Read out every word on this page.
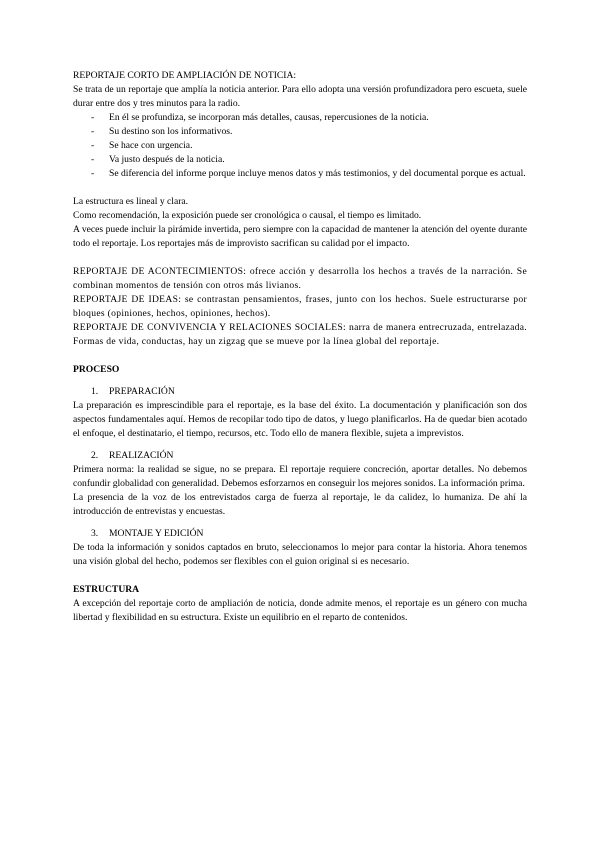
REPORTAJE CORTO DE AMPLIACIÓN DE NOTICIA:

Se trata de un reportaje que amplía la noticia anterior. Para ello adopta una versión profundizadora pero escueta, suele durar entre dos y tres minutos para la radio.

- En él se profundiza, se incorporan más detalles, causas, repercusiones de la noticia.
- Su destino son los informativos.
- Se hace con urgencia.
- Va justo después de la noticia.
- Se diferencia del informe porque incluye menos datos y más testimonios, y del documental porque es actual.

La estructura es lineal y clara.

Como recomendación, la exposición puede ser cronológica o causal, el tiempo es limitado.

A veces puede incluir la pirámide invertida, pero siempre con la capacidad de mantener la atención del oyente durante todo el reportaje. Los reportajes más de improvisto sacrifican su calidad por el impacto.

REPORTAJE DE ACONTECIMIENTOS: ofrece acción y desarrolla los hechos a través de la narración. Se combinan momentos de tensión con otros más livianos.

REPORTAJE DE IDEAS: se contrastan pensamientos, frases, junto con los hechos. Suele estructurarse por bloques (opiniones, hechos, opiniones, hechos).

REPORTAJE DE CONVIVENCIA Y RELACIONES SOCIALES: narra de manera entrecruzada, entrelazada. Formas de vida, conductas, hay un zigzag que se mueve por la línea global del reportaje.

PROCESO

1. PREPARACIÓN

La preparación es imprescindible para el reportaje, es la base del éxito. La documentación y planificación son dos aspectos fundamentales aquí. Hemos de recopilar todo tipo de datos, y luego planificarlos. Ha de quedar bien acotado el enfoque, el destinatario, el tiempo, recursos, etc. Todo ello de manera flexible, sujeta a imprevistos.

2. REALIZACIÓN

Primera norma: la realidad se sigue, no se prepara. El reportaje requiere concreción, aportar detalles. No debemos confundir globalidad con generalidad. Debemos esforzarnos en conseguir los mejores sonidos. La información prima.

La presencia de la voz de los entrevistados carga de fuerza al reportaje, le da calidez, lo humaniza. De ahí la introducción de entrevistas y encuestas.

3. MONTAJE Y EDICIÓN

De toda la información y sonidos captados en bruto, seleccionamos lo mejor para contar la historia. Ahora tenemos una visión global del hecho, podemos ser flexibles con el guion original si es necesario.

ESTRUCTURA

A excepción del reportaje corto de ampliación de noticia, donde admite menos, el reportaje es un género con mucha libertad y flexibilidad en su estructura. Existe un equilibrio en el reparto de contenidos.
